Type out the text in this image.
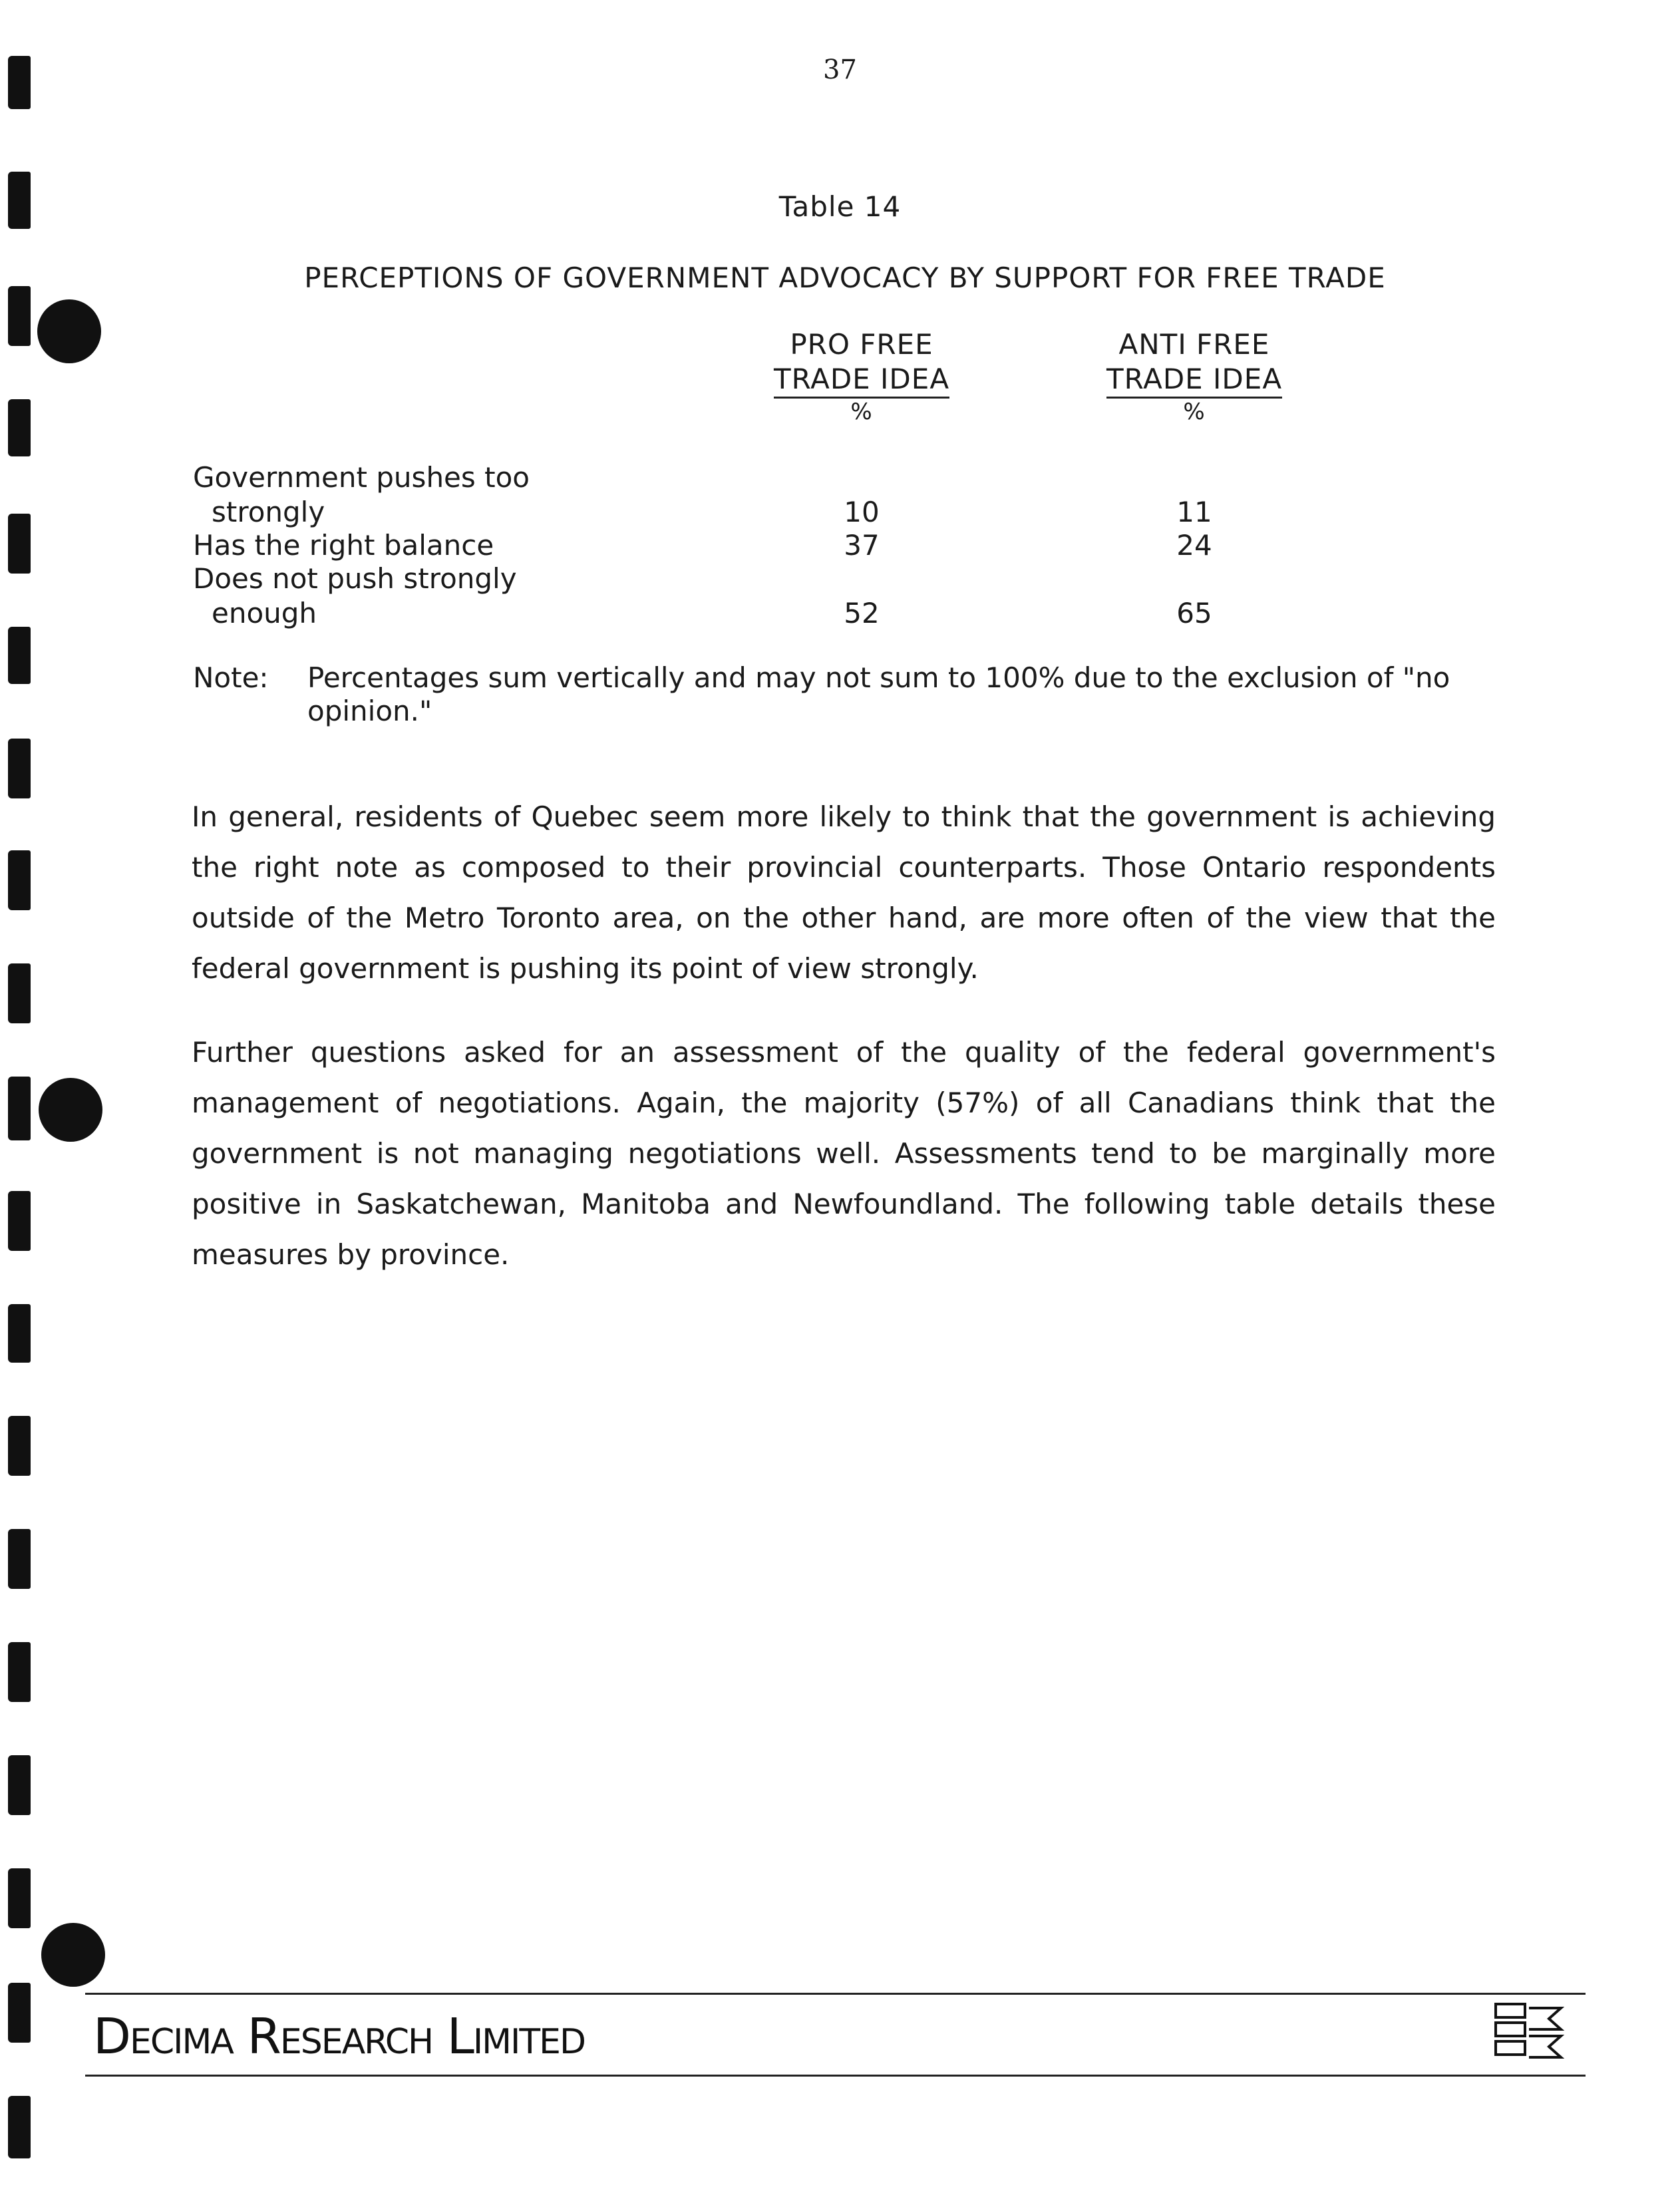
37
Table 14
PERCEPTIONS OF GOVERNMENT ADVOCACY BY SUPPORT FOR FREE TRADE
PRO FREE
TRADE IDEA
%
ANTI FREE
TRADE IDEA
%
Government pushes too
strongly	10	11
Has the right balance	37	24
Does not push strongly
enough	52	65
Note:	Percentages sum vertically and may not sum to 100% due to the exclusion of "no opinion."
In general, residents of Quebec seem more likely to think that the government is achieving the right note as composed to their provincial counterparts. Those Ontario respondents outside of the Metro Toronto area, on the other hand, are more often of the view that the federal government is pushing its point of view strongly.
Further questions asked for an assessment of the quality of the federal government's management of negotiations. Again, the majority (57%) of all Canadians think that the government is not managing negotiations well. Assessments tend to be marginally more positive in Saskatchewan, Manitoba and Newfoundland. The following table details these measures by province.
Decima Research Limited
